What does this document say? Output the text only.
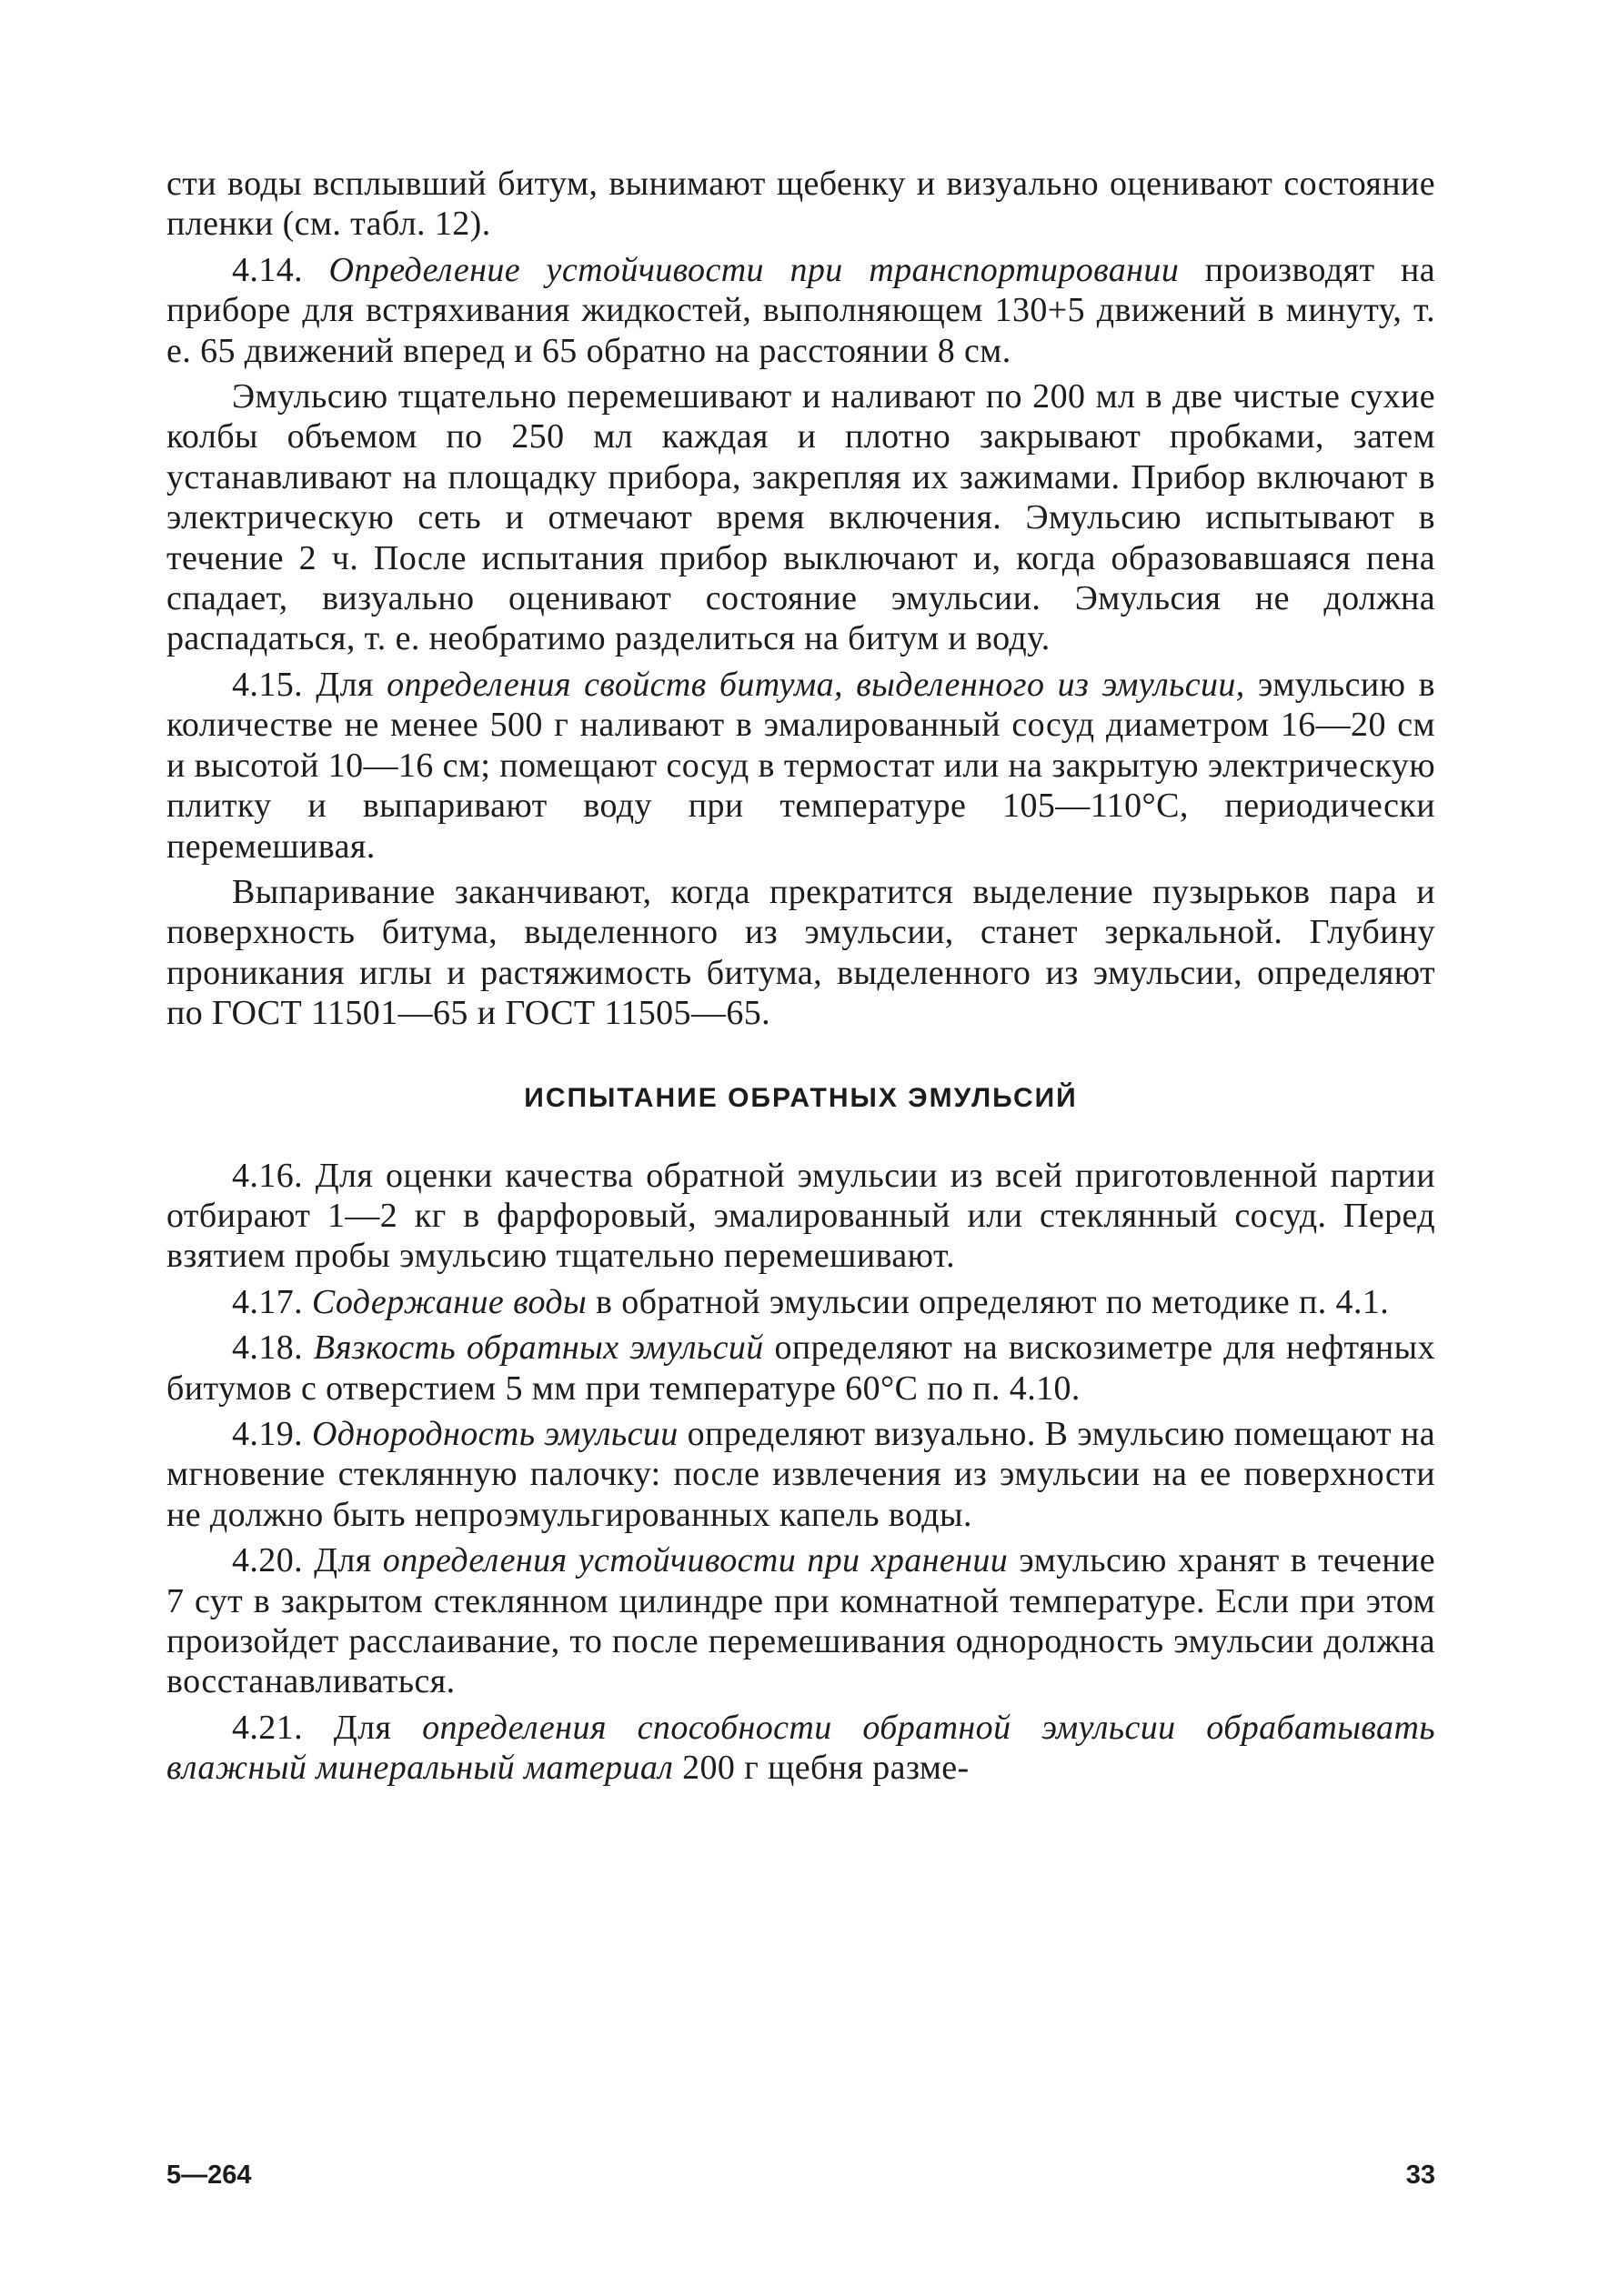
сти воды всплывший битум, вынимают щебенку и визуально оценивают состояние пленки (см. табл. 12).

4.14. Определение устойчивости при транспортировании производят на приборе для встряхивания жидкостей, выполняющем 130+5 движений в минуту, т. е. 65 движений вперед и 65 обратно на расстоянии 8 см.

Эмульсию тщательно перемешивают и наливают по 200 мл в две чистые сухие колбы объемом по 250 мл каждая и плотно закрывают пробками, затем устанавливают на площадку прибора, закрепляя их зажимами. Прибор включают в электрическую сеть и отмечают время включения. Эмульсию испытывают в течение 2 ч. После испытания прибор выключают и, когда образовавшаяся пена спадает, визуально оценивают состояние эмульсии. Эмульсия не должна распадаться, т. е. необратимо разделиться на битум и воду.

4.15. Для определения свойств битума, выделенного из эмульсии, эмульсию в количестве не менее 500 г наливают в эмалированный сосуд диаметром 16—20 см и высотой 10—16 см; помещают сосуд в термостат или на закрытую электрическую плитку и выпаривают воду при температуре 105—110°С, периодически перемешивая.

Выпаривание заканчивают, когда прекратится выделение пузырьков пара и поверхность битума, выделенного из эмульсии, станет зеркальной. Глубину проникания иглы и растяжимость битума, выделенного из эмульсии, определяют по ГОСТ 11501—65 и ГОСТ 11505—65.

ИСПЫТАНИЕ ОБРАТНЫХ ЭМУЛЬСИЙ

4.16. Для оценки качества обратной эмульсии из всей приготовленной партии отбирают 1—2 кг в фарфоровый, эмалированный или стеклянный сосуд. Перед взятием пробы эмульсию тщательно перемешивают.

4.17. Содержание воды в обратной эмульсии определяют по методике п. 4.1.

4.18. Вязкость обратных эмульсий определяют на вискозиметре для нефтяных битумов с отверстием 5 мм при температуре 60°С по п. 4.10.

4.19. Однородность эмульсии определяют визуально. В эмульсию помещают на мгновение стеклянную палочку: после извлечения из эмульсии на ее поверхности не должно быть непроэмульгированных капель воды.

4.20. Для определения устойчивости при хранении эмульсию хранят в течение 7 сут в закрытом стеклянном цилиндре при комнатной температуре. Если при этом произойдет расслаивание, то после перемешивания однородность эмульсии должна восстанавливаться.

4.21. Для определения способности обратной эмульсии обрабатывать влажный минеральный материал 200 г щебня разме-

5—264	33
